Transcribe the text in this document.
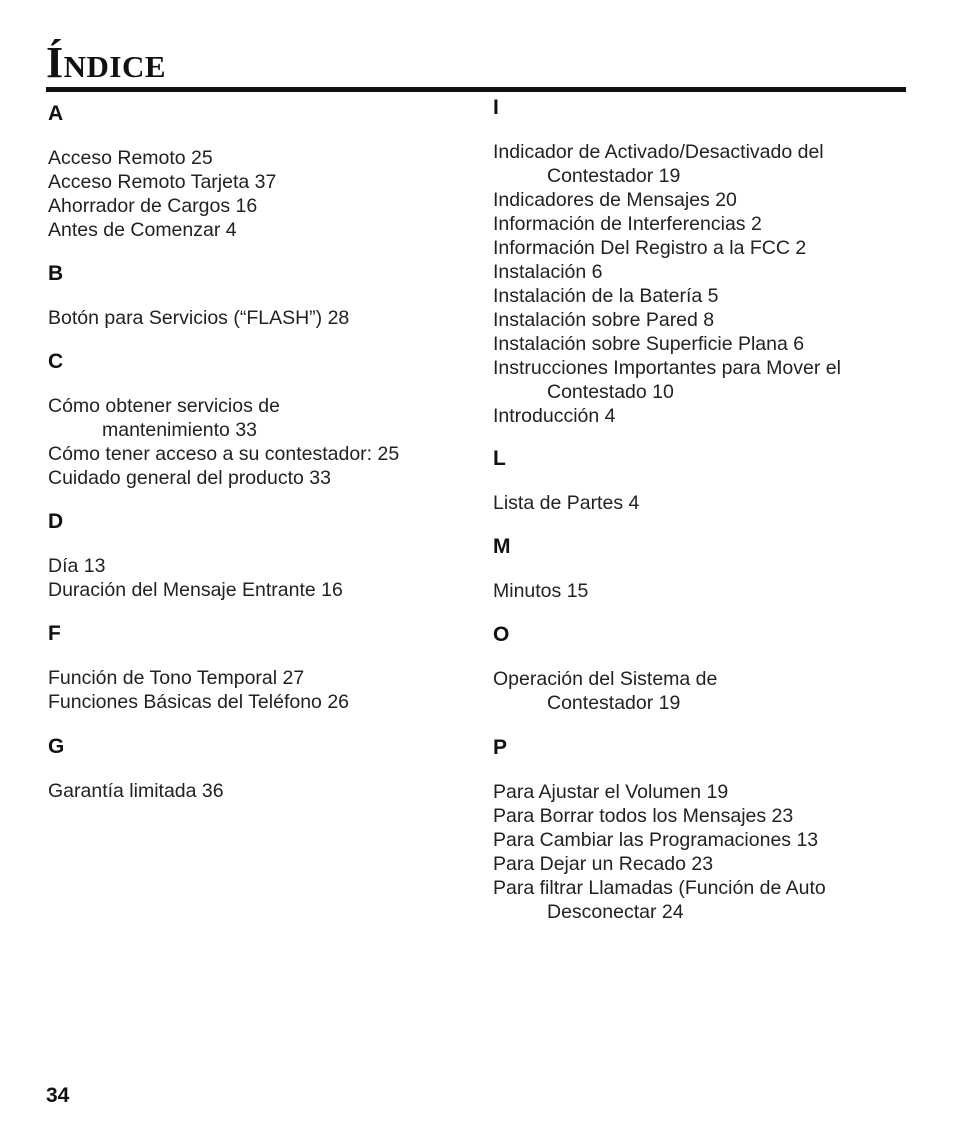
Índice
A
Acceso Remoto 25
Acceso Remoto Tarjeta 37
Ahorrador de Cargos 16
Antes de Comenzar 4
B
Botón para Servicios (“FLASH”) 28
C
Cómo obtener servicios de
mantenimiento 33
Cómo tener acceso a su contestador: 25
Cuidado general del producto 33
D
Día 13
Duración del Mensaje Entrante 16
F
Función de Tono Temporal 27
Funciones Básicas del Teléfono 26
G
Garantía limitada 36
I
Indicador de Activado/Desactivado del
Contestador 19
Indicadores de Mensajes 20
Información de Interferencias 2
Información Del Registro a la FCC 2
Instalación 6
Instalación de la Batería 5
Instalación sobre Pared 8
Instalación sobre Superficie Plana 6
Instrucciones Importantes para Mover el
Contestado 10
Introducción 4
L
Lista de Partes 4
M
Minutos 15
O
Operación del Sistema de
Contestador 19
P
Para Ajustar el Volumen 19
Para Borrar todos los Mensajes 23
Para Cambiar las Programaciones 13
Para Dejar un Recado 23
Para filtrar Llamadas (Función de Auto
Desconectar 24
34
